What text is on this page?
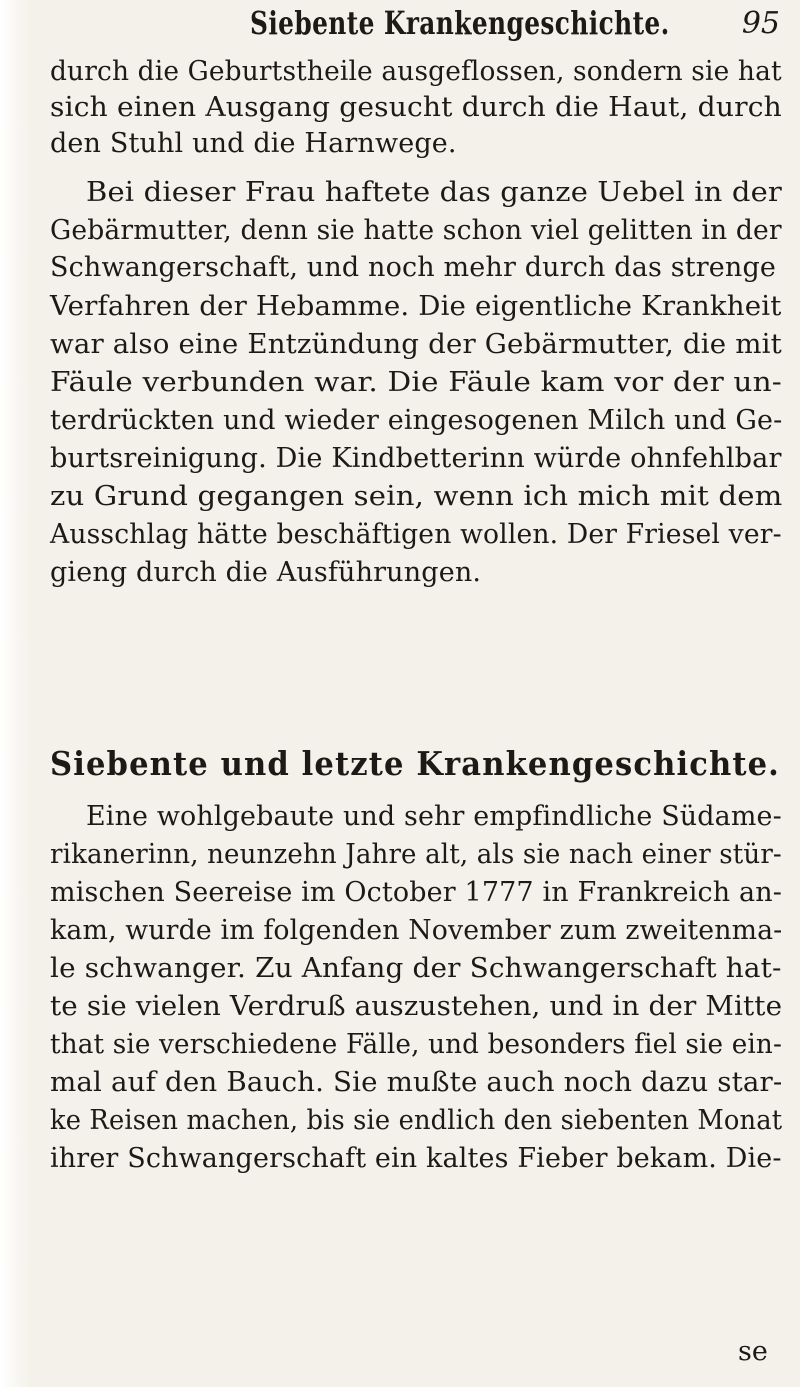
Siebente Krankengeschichte. 95
durch die Geburtstheile ausgeflossen, sondern sie hat
sich einen Ausgang gesucht durch die Haut, durch
den Stuhl und die Harnwege.
Bei dieser Frau haftete das ganze Uebel in der
Gebärmutter, denn sie hatte schon viel gelitten in der
Schwangerschaft, und noch mehr durch das strenge
Verfahren der Hebamme. Die eigentliche Krankheit
war also eine Entzündung der Gebärmutter, die mit
Fäule verbunden war. Die Fäule kam vor der un-
terdrückten und wieder eingesogenen Milch und Ge-
burtsreinigung. Die Kindbetterinn würde ohnfehlbar
zu Grund gegangen sein, wenn ich mich mit dem
Ausschlag hätte beschäftigen wollen. Der Friesel ver-
gieng durch die Ausführungen.
Siebente und letzte Krankengeschichte.
Eine wohlgebaute und sehr empfindliche Südame-
rikanerinn, neunzehn Jahre alt, als sie nach einer stür-
mischen Seereise im October 1777 in Frankreich an-
kam, wurde im folgenden November zum zweitenma-
le schwanger. Zu Anfang der Schwangerschaft hat-
te sie vielen Verdruß auszustehen, und in der Mitte
that sie verschiedene Fälle, und besonders fiel sie ein-
mal auf den Bauch. Sie mußte auch noch dazu star-
ke Reisen machen, bis sie endlich den siebenten Monat
ihrer Schwangerschaft ein kaltes Fieber bekam. Die-
se
